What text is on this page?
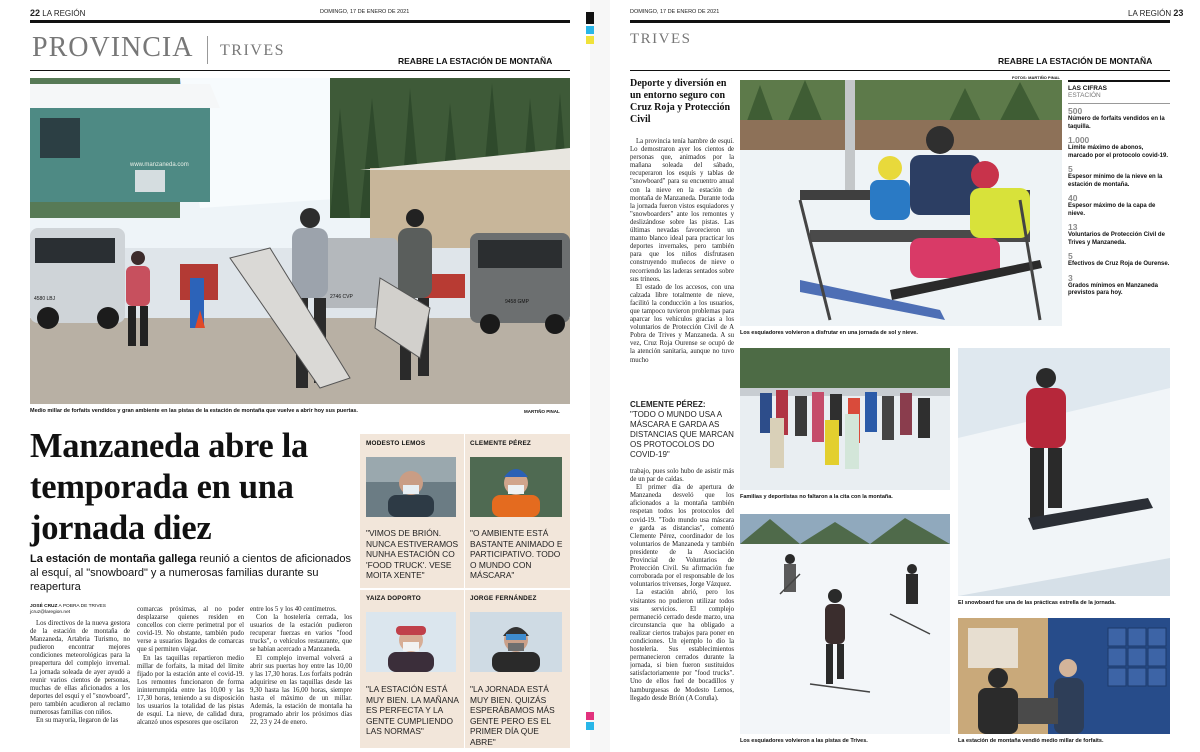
22 LA REGIÓN	DOMINGO, 17 DE ENERO DE 2021
PROVINCIA TRIVES
REABRE LA ESTACIÓN DE MONTAÑA
www.manzaneda.com
4580 LBJ	2746 CVP
9458 GMP
Medio millar de forfaits vendidos y gran ambiente en las pistas de la estación de montaña que vuelve a abrir hoy sus puertas.	MARTIÑO PINAL
Manzaneda abre la temporada en una jornada diez
La estación de montaña gallega reunió a cientos de aficionados al esquí, al "snowboard" y a numerosas familias durante su reapertura
JOSÉ CRUZ A POBRA DE TRIVES
jcruz@laregion.net

Los directivos de la nueva gestora de la estación de montaña de Manzaneda, Artabria Turismo, no pudieron encontrar mejores condiciones meteorológicas para la preapertura del complejo invernal. La jornada soleada de ayer ayudó a reunir varios cientos de personas, muchas de ellas aficionados a los deportes del esquí y el "snowboard", pero también acudieron al reclamo numerosas familias con niños.

En su mayoría, llegaron de las

comarcas próximas, al no poder desplazarse quienes residen en concellos con cierre perimetral por el covid-19. No obstante, también pudo verse a usuarios llegados de comarcas que sí permiten viajar.

En las taquillas repartieron medio millar de forfaits, la mitad del límite fijado por la estación ante el covid-19. Los remontes funcionaron de forma ininterrumpida entre las 10,00 y las 17,30 horas, teniendo a su disposición los usuarios la totalidad de las pistas de esquí. La nieve, de calidad dura, alcanzó unos espesores que oscilaron

entre los 5 y los 40 centímetros.

Con la hostelería cerrada, los usuarios de la estación pudieron recuperar fuerzas en varios "food trucks", o vehículos restaurante, que se habían acercado a Manzaneda.

El complejo invernal volverá a abrir sus puertas hoy entre las 10,00 y las 17,30 horas. Los forfaits podrán adquirirse en las taquillas desde las 9,30 hasta las 16,00 horas, siempre hasta el máximo de un millar. Además, la estación de montaña ha programado abrir los próximos días 22, 23 y 24 de enero.

MODESTO LEMOS
"VIMOS DE BRIÓN. NUNCA ESTIVERAMOS NUNHA ESTACIÓN CO 'FOOD TRUCK'. VESE MOITA XENTE"
CLEMENTE PÉREZ
"O AMBIENTE ESTÁ BASTANTE ANIMADO E PARTICIPATIVO. TODO O MUNDO CON MÁSCARA"
YAIZA DOPORTO
"LA ESTACIÓN ESTÁ MUY BIEN. LA MAÑANA ES PERFECTA Y LA GENTE CUMPLIENDO LAS NORMAS"
JORGE FERNÁNDEZ
"LA JORNADA ESTÁ MUY BIEN. QUIZÁS ESPERÁBAMOS MÁS GENTE PERO ES EL PRIMER DÍA QUE ABRE"
DOMINGO, 17 DE ENERO DE 2021	LA REGIÓN 23
TRIVES
REABRE LA ESTACIÓN DE MONTAÑA
Deporte y diversión en un entorno seguro con Cruz Roja y Protección Civil

La provincia tenía hambre de esquí. Lo demostraron ayer los cientos de personas que, animados por la mañana soleada del sábado, recuperaron los esquís y tablas de "snowboard" para su encuentro anual con la nieve en la estación de montaña de Manzaneda. Durante toda la jornada fueron vistos esquiadores y "snowboarders" ante los remontes y deslizándose sobre las pistas. Las últimas nevadas favorecieron un manto blanco ideal para practicar los deportes invernales, pero también para que los niños disfrutasen construyendo muñecos de nieve o recorriendo las laderas sentados sobre sus trineos.

El estado de los accesos, con una calzada libre totalmente de nieve, facilitó la conducción a los usuarios, que tampoco tuvieron problemas para aparcar los vehículos gracias a los voluntarios de Protección Civil de A Pobra de Trives y Manzaneda. A su vez, Cruz Roja Ourense se ocupó de la atención sanitaria, aunque no tuvo mucho

CLEMENTE PÉREZ:
"TODO O MUNDO USA A MÁSCARA E GARDA AS DISTANCIAS QUE MARCAN OS PROTOCOLOS DO COVID-19"

trabajo, pues solo hubo de asistir más de un par de caídas.

El primer día de apertura de Manzaneda desveló que los aficionados a la montaña también respetan todos los protocolos del covid-19. "Todo mundo usa máscara e garda as distancias", comentó Clemente Pérez, coordinador de los voluntarios de Manzaneda y también presidente de la Asociación Provincial de Voluntarios de Protección Civil. Su afirmación fue corroborada por el responsable de los voluntarios trivenses, Jorge Vázquez.

La estación abrió, pero los visitantes no pudieron utilizar todos sus servicios. El complejo permaneció cerrado desde marzo, una circunstancia que ha obligado a realizar ciertos trabajos para poner en condiciones. Un ejemplo lo dio la hostelería. Sus establecimientos permanecieron cerrados durante la jornada, si bien fueron sustituidos satisfactoriamente por "food trucks". Uno de ellos fuel de bocadillos y hamburguesas de Modesto Lemos, llegado desde Brión (A Coruña).

FOTOS: MARTIÑO PINAL
Los esquiadores volvieron a disfrutar en una jornada de sol y nieve.
LAS CIFRAS
ESTACIÓN
500
Número de forfaits vendidos en la taquilla.
1.000
Límite máximo de abonos, marcado por el protocolo covid-19.
5
Espesor mínimo de la nieve en la estación de montaña.
40
Espesor máximo de la capa de nieve.
13
Voluntarios de Protección Civil de Trives y Manzaneda.
5
Efectivos de Cruz Roja de Ourense.
3
Grados mínimos en Manzaneda previstos para hoy.
Familias y deportistas no faltaron a la cita con la montaña.
El snowboard fue una de las prácticas estrella de la jornada.
Los esquiadores volvieron a las pistas de Trives.	La estación de montaña vendió medio millar de forfaits.
